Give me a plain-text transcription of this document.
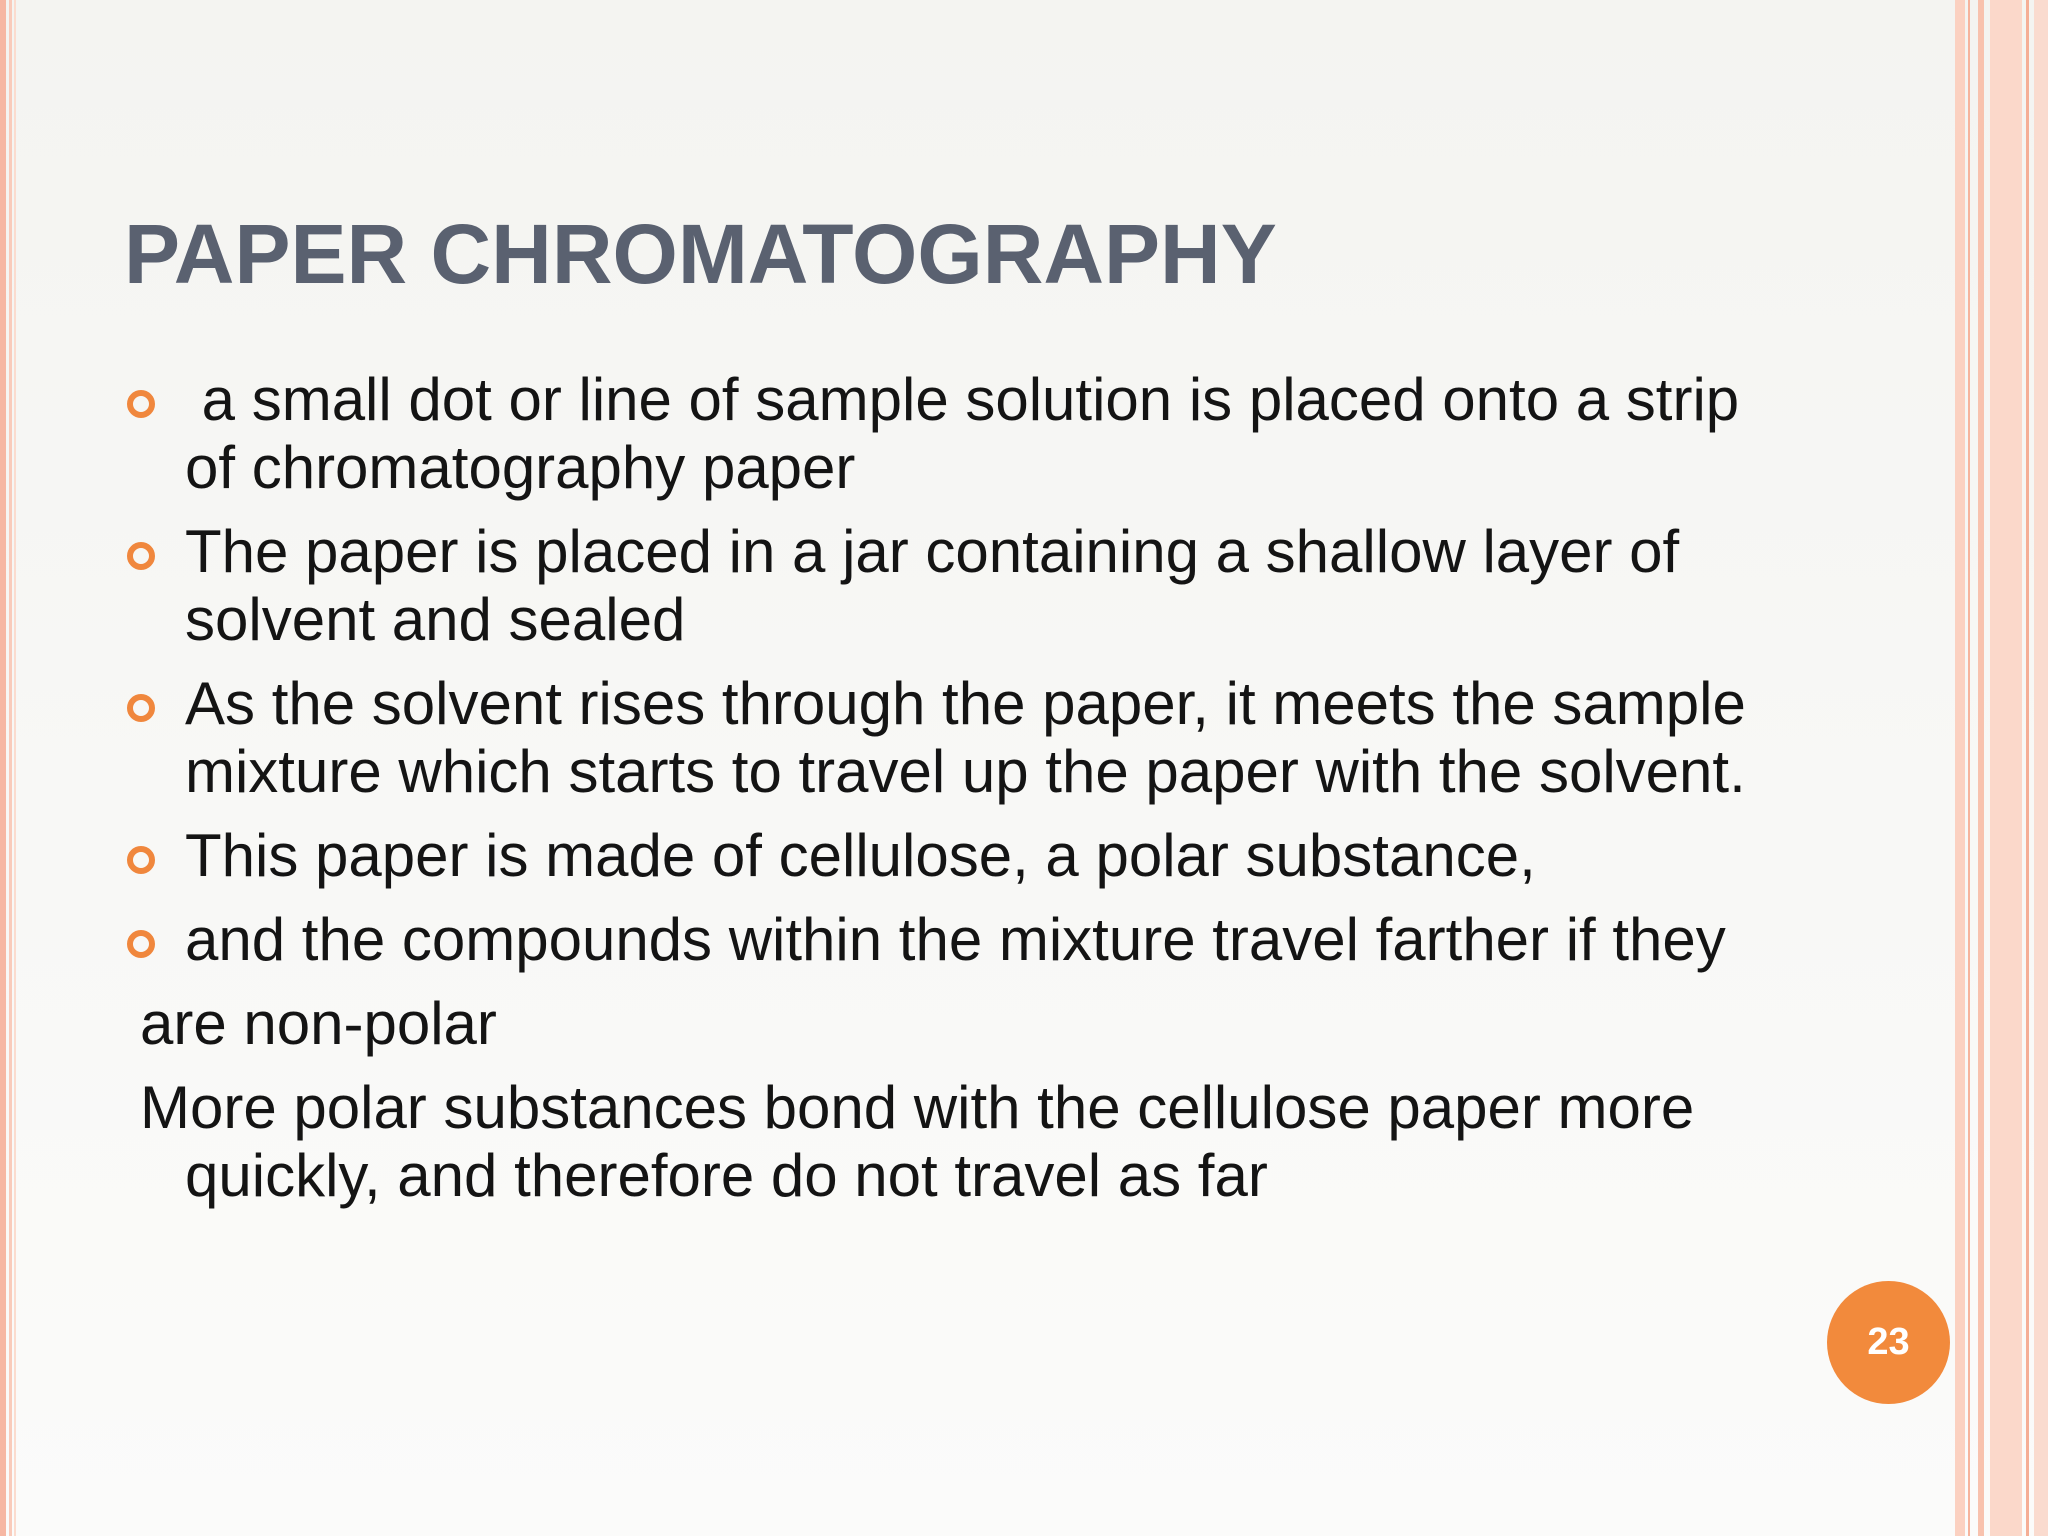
PAPER CHROMATOGRAPHY
a small dot or line of sample solution is placed onto a strip of chromatography paper
The paper is placed in a jar containing a shallow layer of solvent and sealed
As the solvent rises through the paper, it meets the sample mixture which starts to travel up the paper with the solvent.
This paper is made of cellulose, a polar substance,
and the compounds within the mixture travel farther if they
are non-polar
More polar substances bond with the cellulose paper more quickly, and therefore do not travel as far
23
